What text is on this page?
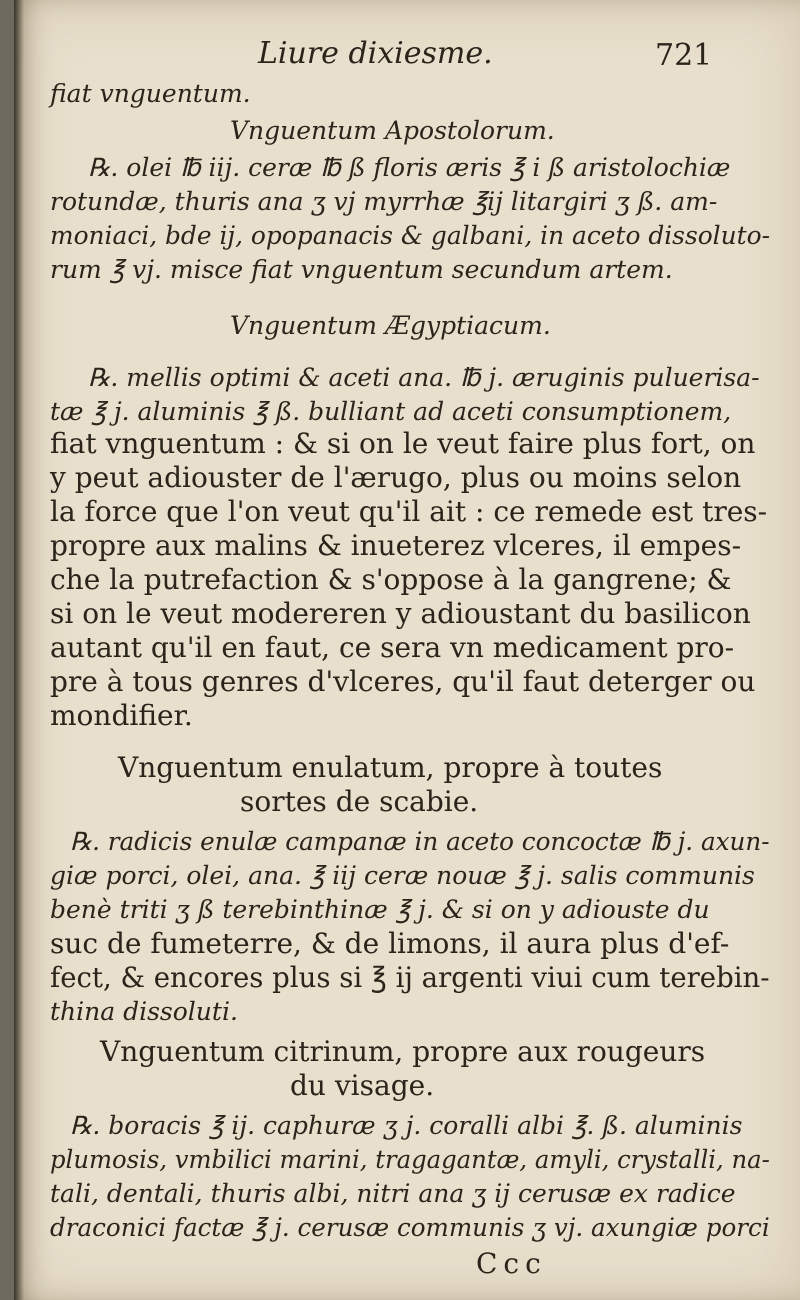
Liure dixiesme.	721
fiat vnguentum.
Vnguentum Apostolorum.
℞. olei ℔ iij. ceræ ℔ ß floris æris ℥ i ß aristolochiæ
rotundæ, thuris ana ʒ vj myrrhæ ℥ij litargiri ʒ ß. am-
moniaci, bde ij, opopanacis & galbani, in aceto dissoluto-
rum ℥ vj. misce fiat vnguentum secundum artem.
Vnguentum Ægyptiacum.
℞. mellis optimi & aceti ana. ℔ j. æruginis puluerisa-
tæ ℥ j. aluminis ℥ ß. bulliant ad aceti consumptionem,
fiat vnguentum : & si on le veut faire plus fort, on
y peut adiouster de l'ærugo, plus ou moins selon
la force que l'on veut qu'il ait : ce remede est tres-
propre aux malins & inueterez vlceres, il empes-
che la putrefaction & s'oppose à la gangrene; &
si on le veut modereren y adioustant du basilicon
autant qu'il en faut, ce sera vn medicament pro-
pre à tous genres d'vlceres, qu'il faut deterger ou
mondifier.
Vnguentum enulatum, propre à toutes
sortes de scabie.
℞. radicis enulæ campanæ in aceto concoctæ ℔ j. axun-
giæ porci, olei, ana. ℥ iij ceræ nouæ ℥ j. salis communis
benè triti ʒ ß terebinthinæ ℥ j. & si on y adiouste du
suc de fumeterre, & de limons, il aura plus d'ef-
fect, & encores plus si ℥ ij argenti viui cum terebin-
thina dissoluti.
Vnguentum citrinum, propre aux rougeurs
du visage.
℞. boracis ℥ ij. caphuræ ʒ j. coralli albi ℥. ß. aluminis
plumosis, vmbilici marini, tragagantæ, amyli, crystalli, na-
tali, dentali, thuris albi, nitri ana ʒ ij cerusæ ex radice
draconici factæ ℥ j. cerusæ communis ʒ vj. axungiæ porci
Ccc
